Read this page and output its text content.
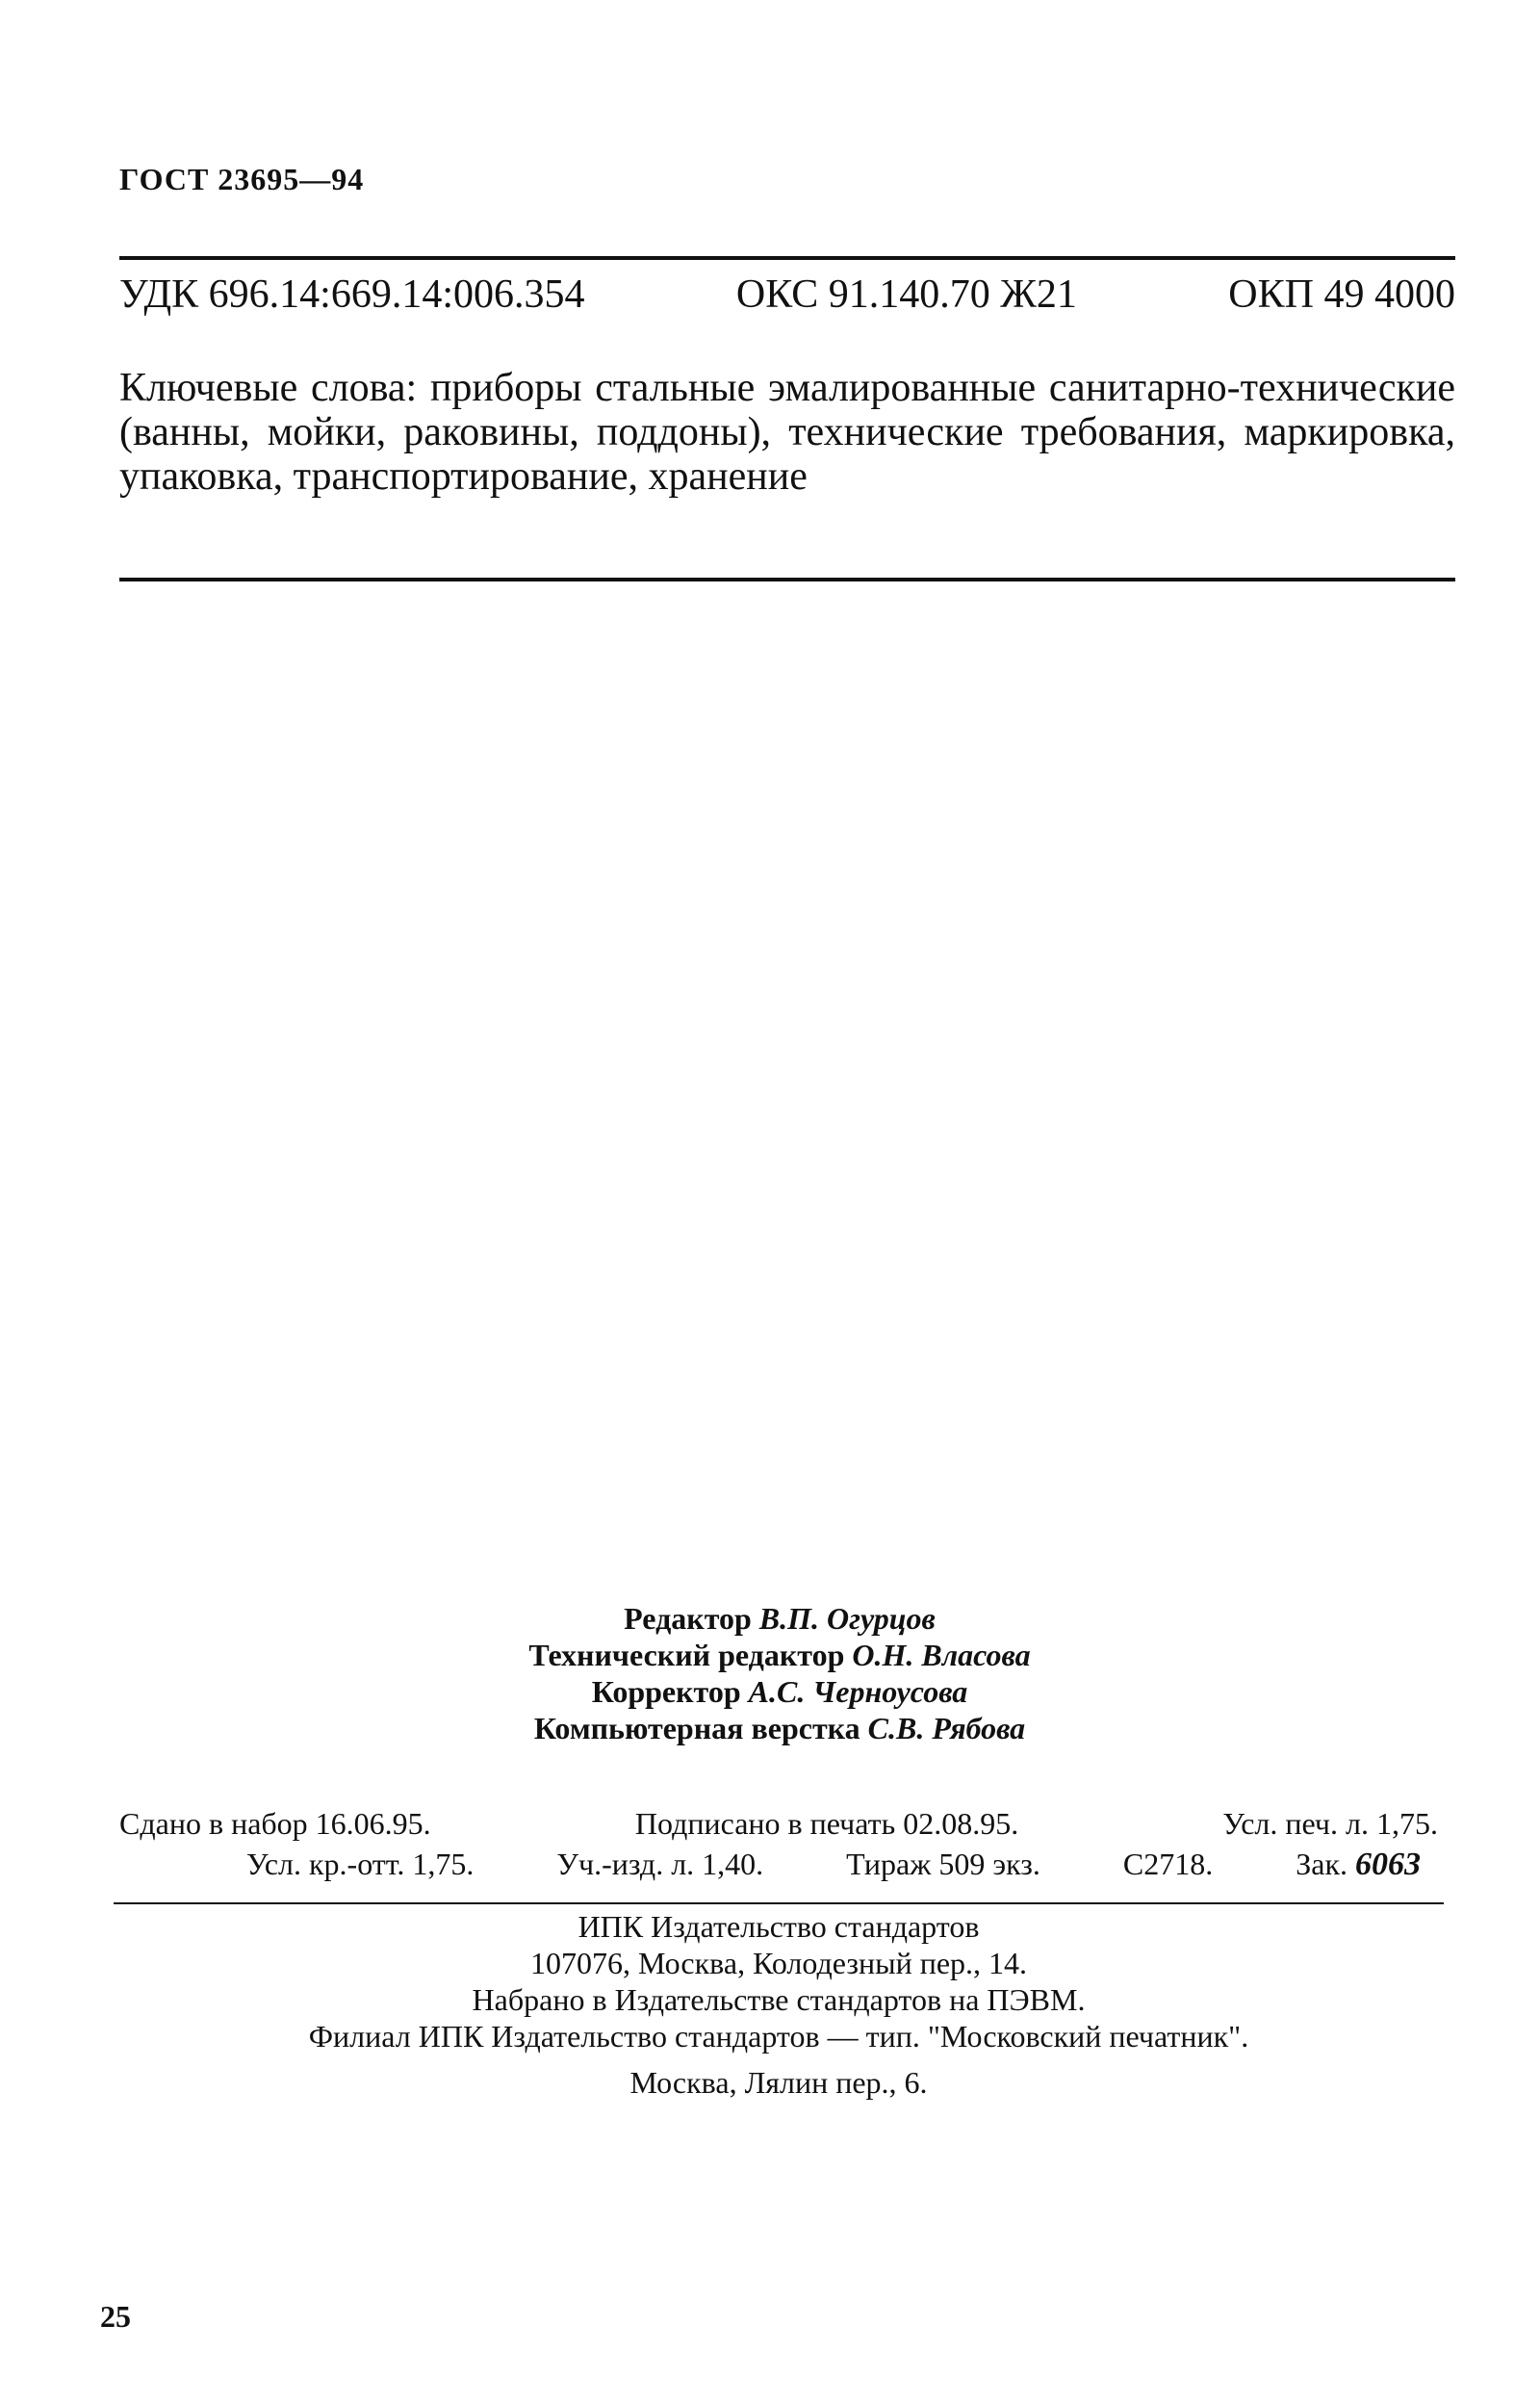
ГОСТ 23695—94
УДК 696.14:669.14:006.354	ОКС 91.140.70 Ж21	ОКП 49 4000
Ключевые слова: приборы стальные эмалированные санитарно-технические (ванны, мойки, раковины, поддоны), технические требования, маркировка, упаковка, транспортирование, хранение
Редактор В.П. Огурцов
Технический редактор О.Н. Власова
Корректор А.С. Черноусова
Компьютерная верстка С.В. Рябова
Сдано в набор 16.06.95.	Подписано в печать 02.08.95.	Усл. печ. л. 1,75.
Усл. кр.-отт. 1,75.	Уч.-изд. л. 1,40.	Тираж 509 экз.	С2718.	Зак. 6063
ИПК Издательство стандартов
107076, Москва, Колодезный пер., 14.
Набрано в Издательстве стандартов на ПЭВМ.
Филиал ИПК Издательство стандартов — тип. "Московский печатник".
Москва, Лялин пер., 6.
25
